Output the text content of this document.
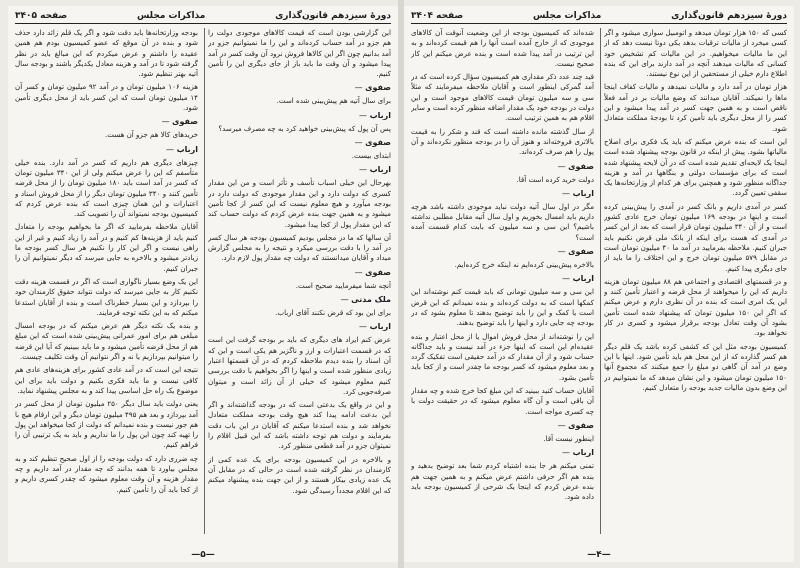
دورهٔ سیزدهم قانون‌گذاری
مذاکرات مجلس
صفحه ۳۴۰۵

این گزارشی بودن است که قیمت کالاهای موجودی دولت را هم جزو در آمد حساب کرده‌اند و این را ما نمیتوانیم جزو در آمد بدانیم چون اگر این کالاها فروش نرود آن وقت کسر در آمد پیدا میشود و آن وقت ما باید باز از جای دیگری این را تأمین کنیم.

صفوی —

برای سال آتیه هم پیش‌بینی شده است.

ارباب —

پس آن پول که پیش‌بینی خواهید کرد به چه مصرف میرسد؟

صفوی —

ابتدای بیست.

ارباب —

بهرحال این خیلی اسباب تأسف و تأثر است و من این مقدار کسری که دولت دارد و این مقدار موجودی که دولت دارد در بودجه میآورد و هیچ معلوم نیست که این کسر از کجا تأمین میشود و به همین جهت بنده عرض کردم که دولت حساب کند که این مقدار پول از کجا پیدا میشود.

آن سالها که ما در مجلس بودیم کمیسیون بودجه هر سال کسر در آمد را با دقت بررسی میکرد و نتیجه را به مجلس گزارش میداد و آقایان میدانستند که دولت چه مقدار پول لازم دارد.

صفوی —

آنچه شما میفرمایید صحیح است.

ملک مدنی —

برای این بود که قرض نکنند آقای ارباب.

ارباب —

عرض کنم ایراد های دیگری که باید بر بودجه گرفت این است که در قسمت اعتبارات و ارز و ناگزیر هم یکی است و این که آن اسناد را بنده دیدم ملاحظه کردم که در آن قسمتها اعتبار زیادی منظور شده است و اینها را اگر بخواهیم با دقت بررسی کنیم معلوم میشود که خیلی از آن زائد است و میتوان صرفه‌جویی کرد.

و این در واقع یک بدعتی است که در بودجه گذاشته‌اند و اگر این بدعت ادامه پیدا کند هیچ وقت بودجه مملکت متعادل نخواهد شد و بنده استدعا میکنم که آقایان در این باب دقت بفرمایند و دولت هم توجه داشته باشد که این قبیل اقلام را نمیتوان جزو در آمد قطعی منظور کرد.

و بالاخره در این کمیسیون بودجه برای یک عده کمی از کارمندان در نظر گرفته شده است در حالی که در مقابل آن یک عده زیادی بیکار هستند و از این جهت بنده پیشنهاد میکنم که این اقلام مجدداً رسیدگی شود.

بودجه وزارتخانه‌ها باید دقت شود و اگر یک قلم زائد دارد حذف شود و بنده در آن موقع که عضو کمیسیون بودم هم همین عقیده را داشتم و عرض میکردم که این مبالغ باید در نظر گرفته شود تا در آمد و هزینه معادل یکدیگر باشند و بودجه سال آتیه بهتر تنظیم شود.

هزینه ۱۰۶ میلیون تومان و در آمد ۹۲ میلیون تومان و کسر آن ۱۴ میلیون تومان است که این کسر باید از محل دیگری تأمین شود.

صفوی —

خرید‌های کالا هم جزو آن هست.

ارباب —

چیزهای دیگری هم داریم که کسر در آمد دارد. بنده خیلی متأسفم که این را عرض میکنم ولی از این ۳۴۰ میلیون تومان که کسر در آمد است باید ۱۸۰ میلیون تومان را از محل قرضه تأمین کنند و ۳۴۰ میلیون تومان دیگر را از محل فروش اسناد و اعتبارات و این همان چیزی است که بنده عرض کردم که کمیسیون بودجه نمیتواند آن را تصویب کند.

آقایان ملاحظه بفرمایید که اگر ما بخواهیم بودجه را متعادل کنیم باید از هزینه‌ها کم کنیم و در آمد را زیاد کنیم و غیر از این راهی نیست و اگر این کار را نکنیم هر سال کسر بودجه ما زیادتر میشود و بالاخره به جایی میرسد که دیگر نمیتوانیم آن را جبران کنیم.

این یک وضع بسیار ناگواری است که اگر در قسمت هزینه دقت نکنیم کار به جایی میرسد که دولت نتواند حقوق کارمندان خود را بپردازد و این بسیار خطرناک است و بنده از آقایان استدعا میکنم که به این نکته توجه فرمایند.

و بنده یک نکته دیگر هم عرض میکنم که در بودجه امسال مبلغی هم برای امور عمرانی پیش‌بینی شده است که این مبلغ هم از محل قرضه تأمین میشود و ما باید ببینیم که آیا این قرضه را میتوانیم بپردازیم یا نه و اگر نتوانیم آن وقت تکلیف چیست.

نتیجه این است که در آمد عادی کشور برای هزینه‌های عادی هم کافی نیست و ما باید فکری بکنیم و دولت باید برای این موضوع یک راه حل اساسی پیدا کند و به مجلس پیشنهاد نماید.

یعنی دولت باید سال دیگر ۲۵۰ میلیون تومان از محل کسر در آمد بپردازد و بعد هم ۴۹۵ میلیون تومان دیگر و این ارقام هیچ با هم جور نیست و بنده نمیدانم که دولت از کجا میخواهد این پول را تهیه کند چون این پول را ما نداریم و باید به یک ترتیبی آن را فراهم کنیم.

چه ضرری دارد که دولت بودجه را از اول صحیح تنظیم کند و به مجلس بیاورد تا همه بدانند که چه مقدار در آمد داریم و چه مقدار هزینه و آن وقت معلوم میشود که چقدر کسری داریم و از کجا باید آن را تأمین کنیم.

—۵—
دورهٔ سیزدهم قانون‌گذاری
مذاکرات مجلس
صفحه ۳۴۰۴

کسی که ۱۵۰ هزار تومان میدهد و اتومبیل سواری میشود و اگر کسی میخرد از مالیات ترقیات بدهد یکی دوتا نیست دهد که از این ما مالیات میخواهیم. در این مالیات کم تشخیص خود کسانی که مالیات میدهند آنچه در آمد دارند برای این که بنده اطلاع دارم خیلی از مستحقین از این نوع نیستند.

هزار تومان در آمد دارد و مالیات نمیدهد و مالیات کفاف اینجا ماها را نمیکند. آقایان میدانند که وضع مالیات بر در آمد فعلاً ناقص است و به همین جهت کسر در آمد پیدا میشود و این کسر را از محل دیگری باید تأمین کرد تا بودجهٔ مملکت متعادل شود.

این است که بنده عرض میکنم که باید یک فکری برای اصلاح مالیاتها بشود. پیش از اینکه در قانون بودجه پیشنهاد شده است اینجا یک لایحه‌ای تقدیم شده است که در آن لایحه پیشنهاد شده است که برای مؤسسات دولتی و بنگاهها در آمد و هزینه جداگانه منظور شود و همچنین برای هر کدام از وزارتخانه‌ها یک سقفی تعیین گردد.

کسر در آمدی داریم و بانک کسر در آمدی را پیش‌بینی کرده است و اینها در بودجه ۱۶۹ میلیون تومان خرج عادی کشور است و از آن ۳۴۰ میلیون تومان قرار است که بعد از این کسر در آمدی که هست برای اینکه از بانک ملی قرض نکنیم باید جبران کنیم. ملاحظه بفرمایید در آمد ما ۴۰ میلیون تومان است در مقابل ۵۷۹ میلیون تومان خرج و این اختلاف را ما باید از جای دیگری پیدا کنیم.

و در قسمتهای اقتصادی و اجتماعی هم ۸۸ میلیون تومان هزینه داریم که این را میخواهند از محل قرضه و اعتبار تأمین کنند و این یک امری است که بنده در آن نظری دارم و عرض میکنم که اگر این ۱۵۰ میلیون تومان که پیشنهاد شده است تأمین بشود آن وقت تعادل بودجه برقرار میشود و کسری در کار نخواهد بود.

کمیسیون بودجه مثل این که کشفی کرده باشد یک قلم دیگر هم کسر گذارده که از این محل هم باید تأمین شود. اینها با این وضع در آمد آن گاهی دو مبلغ را جمع میکنند که مجموع آنها ۱۵۰ میلیون تومان میشود و این نشان میدهد که ما نمیتوانیم در این وضع بدون مالیات جدید بودجه را متعادل کنیم.

شده‌اند که کمیسیون بودجه از این وضعیت آنوقت آن کالاهای موجودی که از خارج آمده است آنها را هم قیمت کرده‌اند و به این ترتیب در آمد پیدا شده است و بنده عرض میکنم این کار صحیح نیست.

قید چند عدد ذکر مقداری هم کمیسیون سؤال کرده است که در آمد گمرکی اینطور است و آقایان ملاحظه میفرمایند که مثلاً سی و سه میلیون تومان قیمت کالاهای موجود است و این دولت در بودجه خود یک مقدار اضافه منظور کرده است و سایر اقلام هم به همین ترتیب است.

از سال گذشته مانده داشته است که قند و شکر را به قیمت بالاتری فروخته‌اند و هنوز آن را در بودجه منظور نکرده‌اند و آن پول را هم صرف کرده‌اند.

صفوی —

دولت خرید کرده است آقا.

ارباب —

مگر در اول سال آتیه دولت نباید موجودی داشته باشد هرچه داریم باید امسال بخوریم و اول سال آتیه مقابل مطلبی نداشته باشیم؟ این سی و سه میلیون که بابت کدام قسمت آمده است؟

صفوی —

بالاخره پیش‌بینی کرده‌ایم نه اینکه خرج کرده‌ایم.

ارباب —

این سی و سه میلیون تومانی که باید قیمت کنم نوشته‌اند این کمکها است که به دولت کرده‌اند و بنده نمیدانم که این قرض است یا کمک و این را باید توضیح بدهند تا معلوم بشود که در بودجه چه جایی دارد و اینها را باید توضیح بدهند.

این را نوشته‌اند از محل فروش اموال یا از محل اعتبار و بنده عقیده‌ام این است که اینها جزء در آمد نیست و باید جداگانه حساب شود و از آن مقدار که در آمد حقیقی است تفکیک گردد و بعد معلوم میشود که کسر بودجه ما چقدر است و از کجا باید تأمین بشود.

آقایان حساب کنید ببینید که این مبلغ کجا خرج شده و چه مقدار آن باقی است و آن گاه معلوم میشود که در حقیقت دولت با چه کسری مواجه است.

صفوی —

اینطور نیست آقا.

ارباب —

تمنی میکنم هر جا بنده اشتباه کردم شما بعد توضیح بدهید و بنده هم اگر حرفی داشتم عرض میکنم و به همین جهت هم بنده عرض کردم که اینجا یک شرحی از کمیسیون بودجه باید داده شود.

—۴—
